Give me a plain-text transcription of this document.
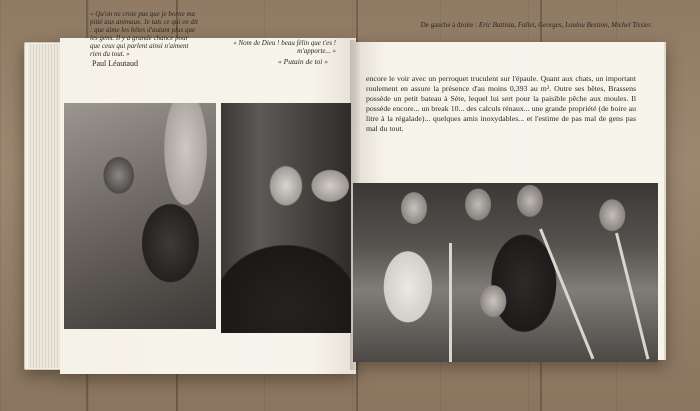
« Qu'on ne croie pas que je borne ma pitié aux animaux. Je tais ce qui en dit : que aime les bêtes d'autant plus que les gens. Il y a grande chance pour que ceux qui parlent ainsi n'aiment rien du tout. »
Paul Léautaud
« Nom de Dieu ! beau félin que t'es ! m'apporte... »
« Putain de toi »
De gauche à droite : Eric Battista, Fallet, Georges, Loulou Bestion, Michel Tissier.
encore le voir avec un perroquet truculent sur l'épaule. Quant aux chats, un important roulement en assure la présence d'au moins 0,393 au m². Outre ses bêtes, Brassens possède un petit bateau à Sète, lequel lui sert pour la paisible pêche aux moules. Il possède encore... un break 10... des calculs rénaux... une grande propriété (de boire au litre à la régalade)... quelques amis inoxydables... et l'estime de pas mal de gens pas mal du tout.
